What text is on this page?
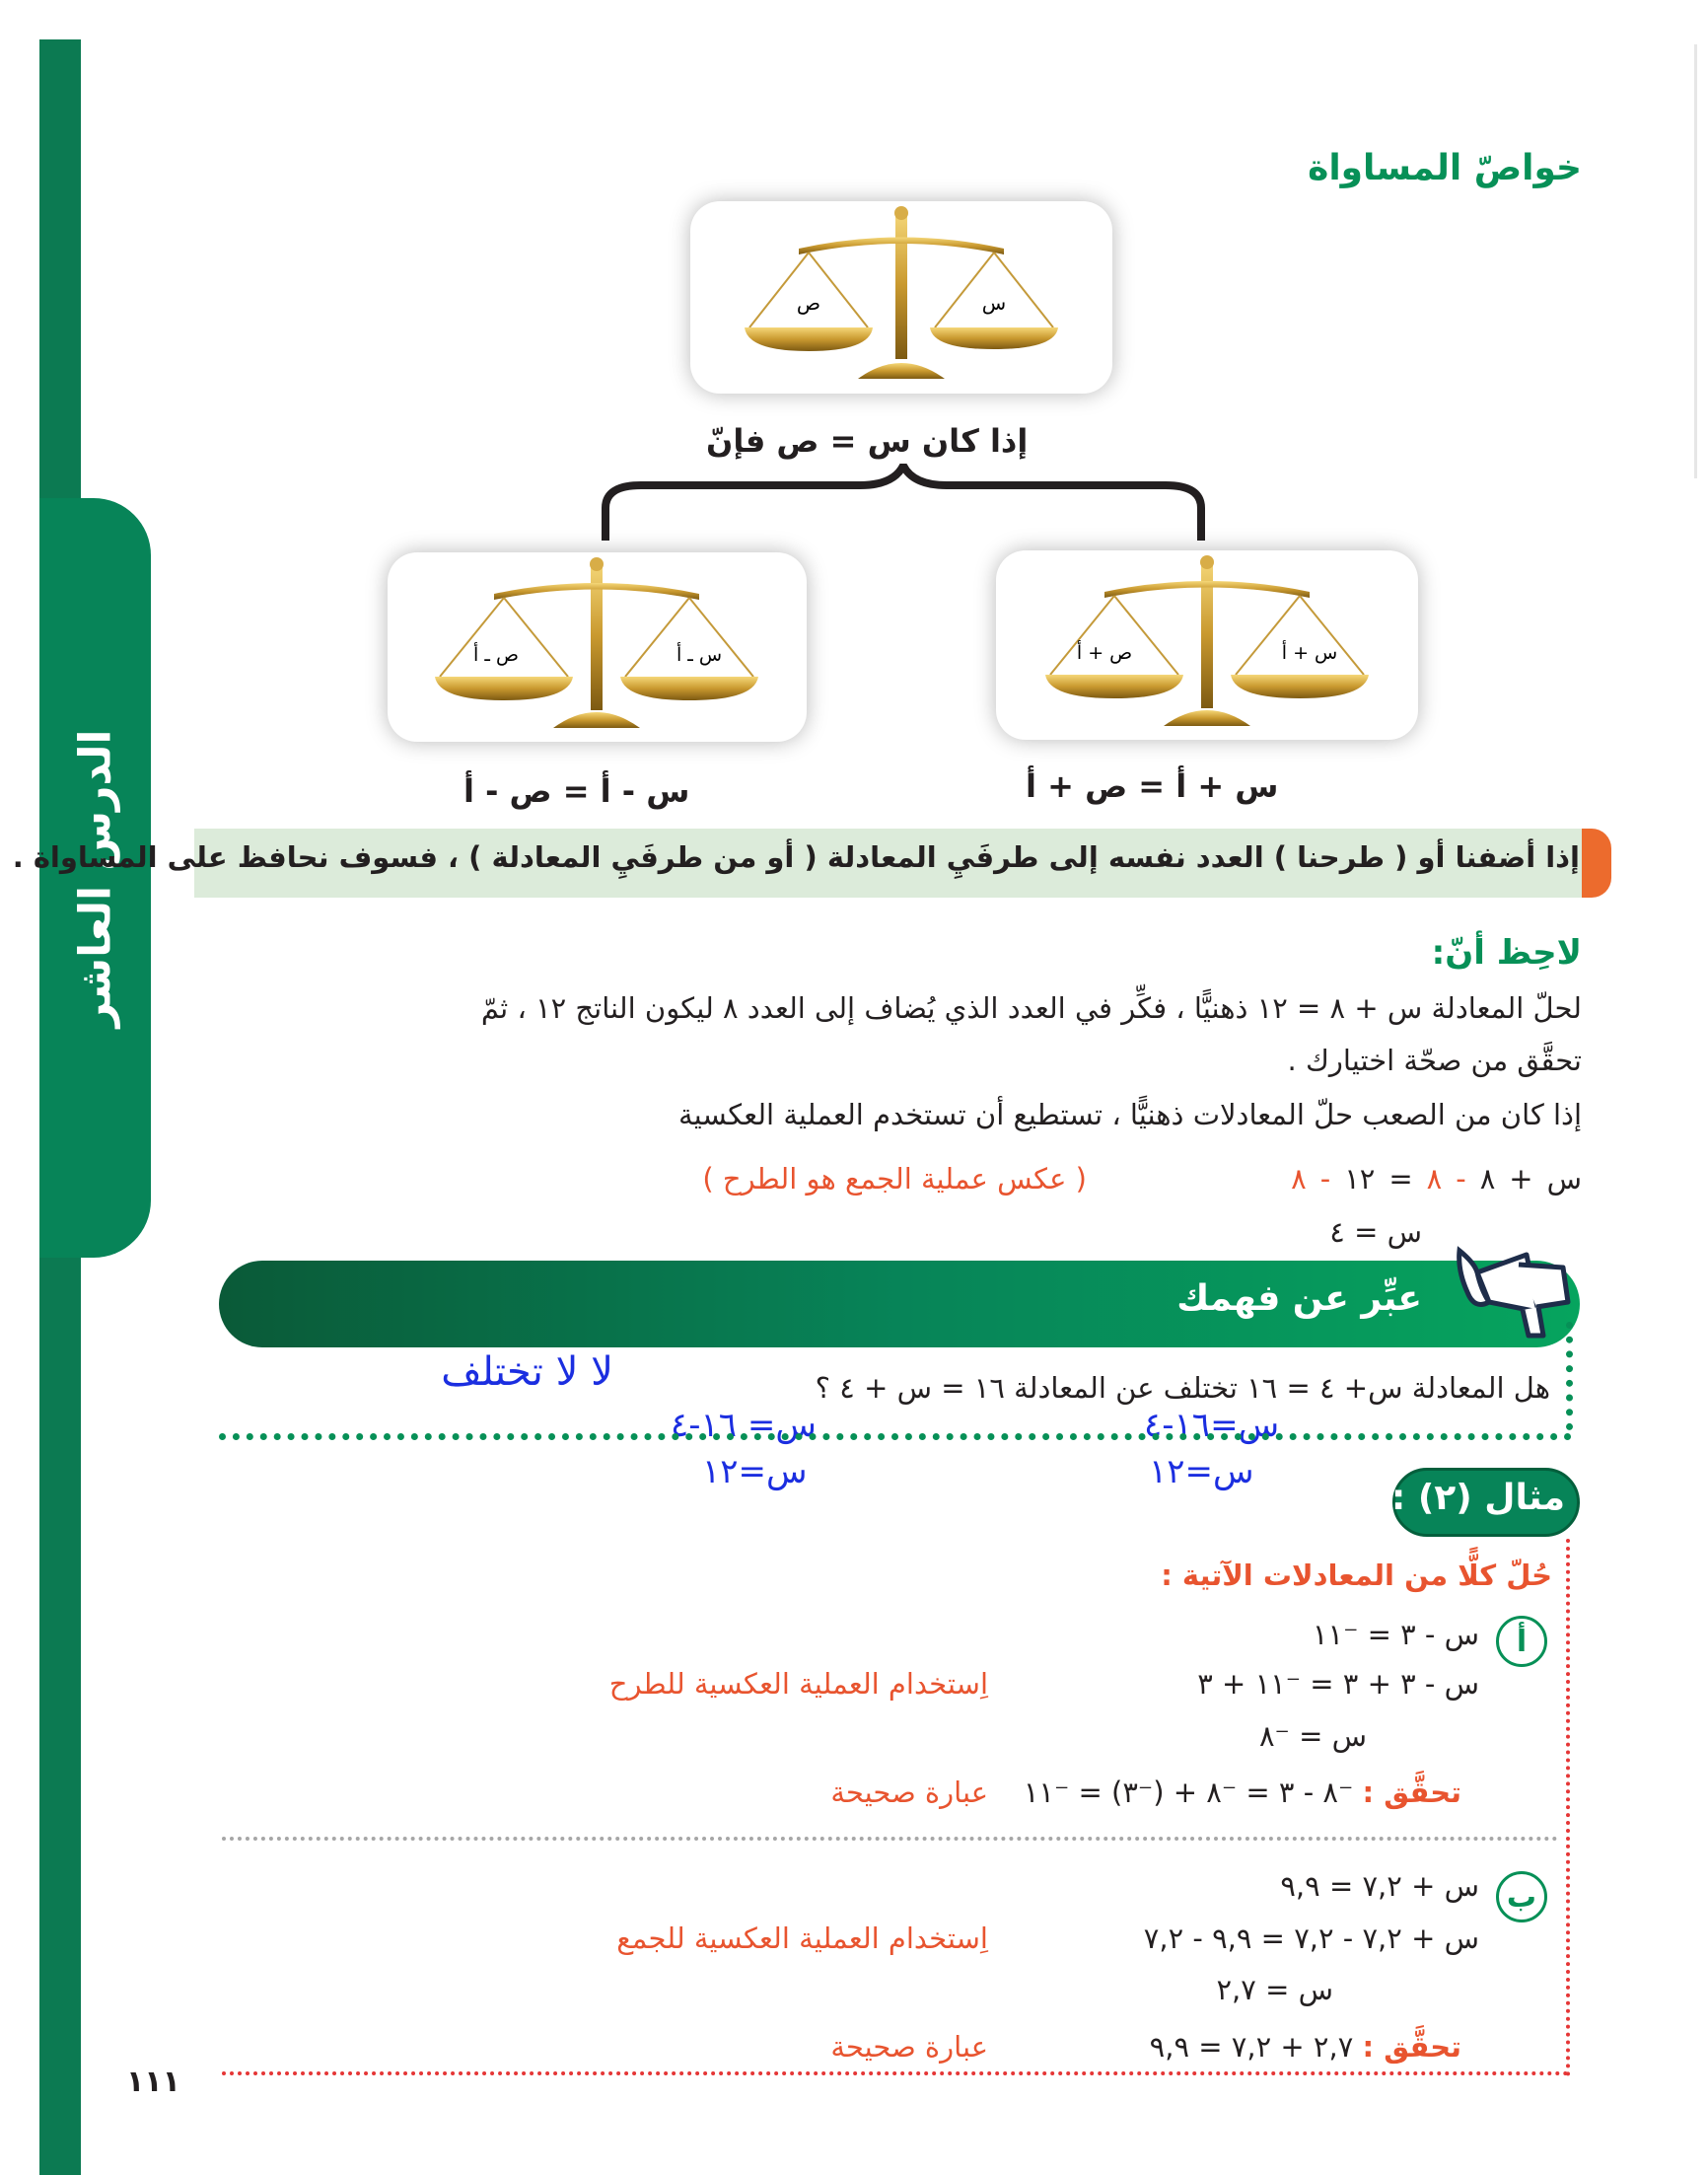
الدرس العاشر
خواصّ المساواة
ص	س
إذا كان س = ص فإنّ
ص + أ	س + أ
ص ـ أ	س ـ أ
س + أ = ص + أ
س - أ = ص - أ
إذا أضفنا أو ( طرحنا ) العدد نفسه إلى طرفَيِ المعادلة ( أو من طرفَيِ المعادلة ) ، فسوف نحافظ على المساواة .
لاحِظ أنّ:
لحلّ المعادلة س + ٨ = ١٢ ذهنيًّا ، فكِّر في العدد الذي يُضاف إلى العدد ٨ ليكون الناتج ١٢ ، ثمّ
تحقَّق من صحّة اختيارك .
إذا كان من الصعب حلّ المعادلات ذهنيًّا ، تستطيع أن تستخدم العملية العكسية
س+٨-٨=١٢-٨
( عكس عملية الجمع هو الطرح )
س = ٤
عبِّر عن فهمك
هل المعادلة س+ ٤ = ١٦ تختلف عن المعادلة ١٦ = س + ٤ ؟
لا لا تختلف
س= ١٦-٤
س=١٢
س=١٦-٤
س=١٢
مثال (٢) :
حُلّ كلًّا من المعادلات الآتية :
أ
س - ٣ = ⁻١١
س - ٣ + ٣ = ⁻١١ + ٣
اِستخدام العملية العكسية للطرح
س = ⁻٨
تحقَّق : ⁻٨ - ٣ = ⁻٨ + (⁻٣) = ⁻١١
عبارة صحيحة
ب
س + ٧,٢ = ٩,٩
س + ٧,٢ - ٧,٢ = ٩,٩ - ٧,٢
اِستخدام العملية العكسية للجمع
س = ٢,٧
تحقَّق : ٢,٧ + ٧,٢ = ٩,٩
عبارة صحيحة
١١١
